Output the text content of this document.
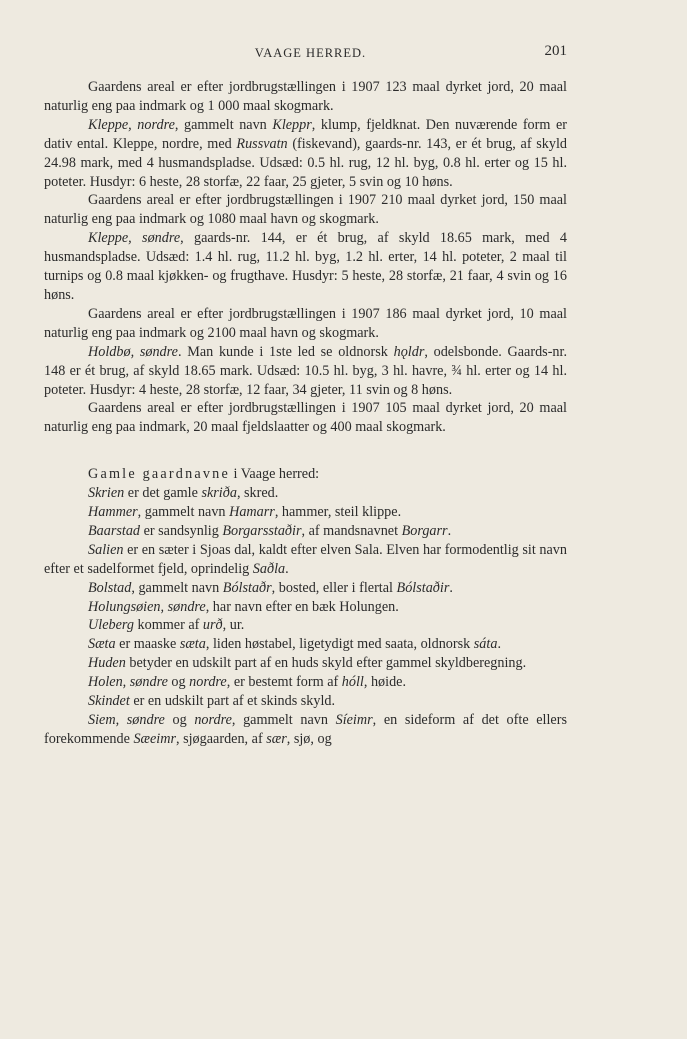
VAAGE HERRED.	201

Gaardens areal er efter jordbrugstællingen i 1907 123 maal dyrket jord, 20 maal naturlig eng paa indmark og 1 000 maal skogmark.

Kleppe, nordre, gammelt navn Kleppr, klump, fjeldknat. Den nuværende form er dativ ental. Kleppe, nordre, med Russvatn (fiskevand), gaards-nr. 143, er ét brug, af skyld 24.98 mark, med 4 husmandspladse. Udsæd: 0.5 hl. rug, 12 hl. byg, 0.8 hl. erter og 15 hl. poteter. Husdyr: 6 heste, 28 storfæ, 22 faar, 25 gjeter, 5 svin og 10 høns.

Gaardens areal er efter jordbrugstællingen i 1907 210 maal dyrket jord, 150 maal naturlig eng paa indmark og 1080 maal havn og skogmark.

Kleppe, søndre, gaards-nr. 144, er ét brug, af skyld 18.65 mark, med 4 husmandspladse. Udsæd: 1.4 hl. rug, 11.2 hl. byg, 1.2 hl. erter, 14 hl. poteter, 2 maal til turnips og 0.8 maal kjøkken- og frugthave. Husdyr: 5 heste, 28 storfæ, 21 faar, 4 svin og 16 høns.

Gaardens areal er efter jordbrugstællingen i 1907 186 maal dyrket jord, 10 maal naturlig eng paa indmark og 2100 maal havn og skogmark.

Holdbø, søndre. Man kunde i 1ste led se oldnorsk hǫldr, odelsbonde. Gaards-nr. 148 er ét brug, af skyld 18.65 mark. Udsæd: 10.5 hl. byg, 3 hl. havre, ¾ hl. erter og 14 hl. poteter. Husdyr: 4 heste, 28 storfæ, 12 faar, 34 gjeter, 11 svin og 8 høns.

Gaardens areal er efter jordbrugstællingen i 1907 105 maal dyrket jord, 20 maal naturlig eng paa indmark, 20 maal fjeldslaatter og 400 maal skogmark.

Gamle gaardnavne i Vaage herred:

Skrien er det gamle skriða, skred.

Hammer, gammelt navn Hamarr, hammer, steil klippe.

Baarstad er sandsynlig Borgarsstaðir, af mandsnavnet Borgarr.

Salien er en sæter i Sjoas dal, kaldt efter elven Sala. Elven har formodentlig sit navn efter et sadelformet fjeld, oprindelig Saðla.

Bolstad, gammelt navn Bólstaðr, bosted, eller i flertal Bólstaðir.

Holungsøien, søndre, har navn efter en bæk Holungen.

Uleberg kommer af urð, ur.

Sæta er maaske sæta, liden høstabel, ligetydigt med saata, oldnorsk sáta.

Huden betyder en udskilt part af en huds skyld efter gammel skyldberegning.

Holen, søndre og nordre, er bestemt form af hóll, høide.

Skindet er en udskilt part af et skinds skyld.

Siem, søndre og nordre, gammelt navn Síeimr, en sideform af det ofte ellers forekommende Sæeimr, sjøgaarden, af sær, sjø, og
